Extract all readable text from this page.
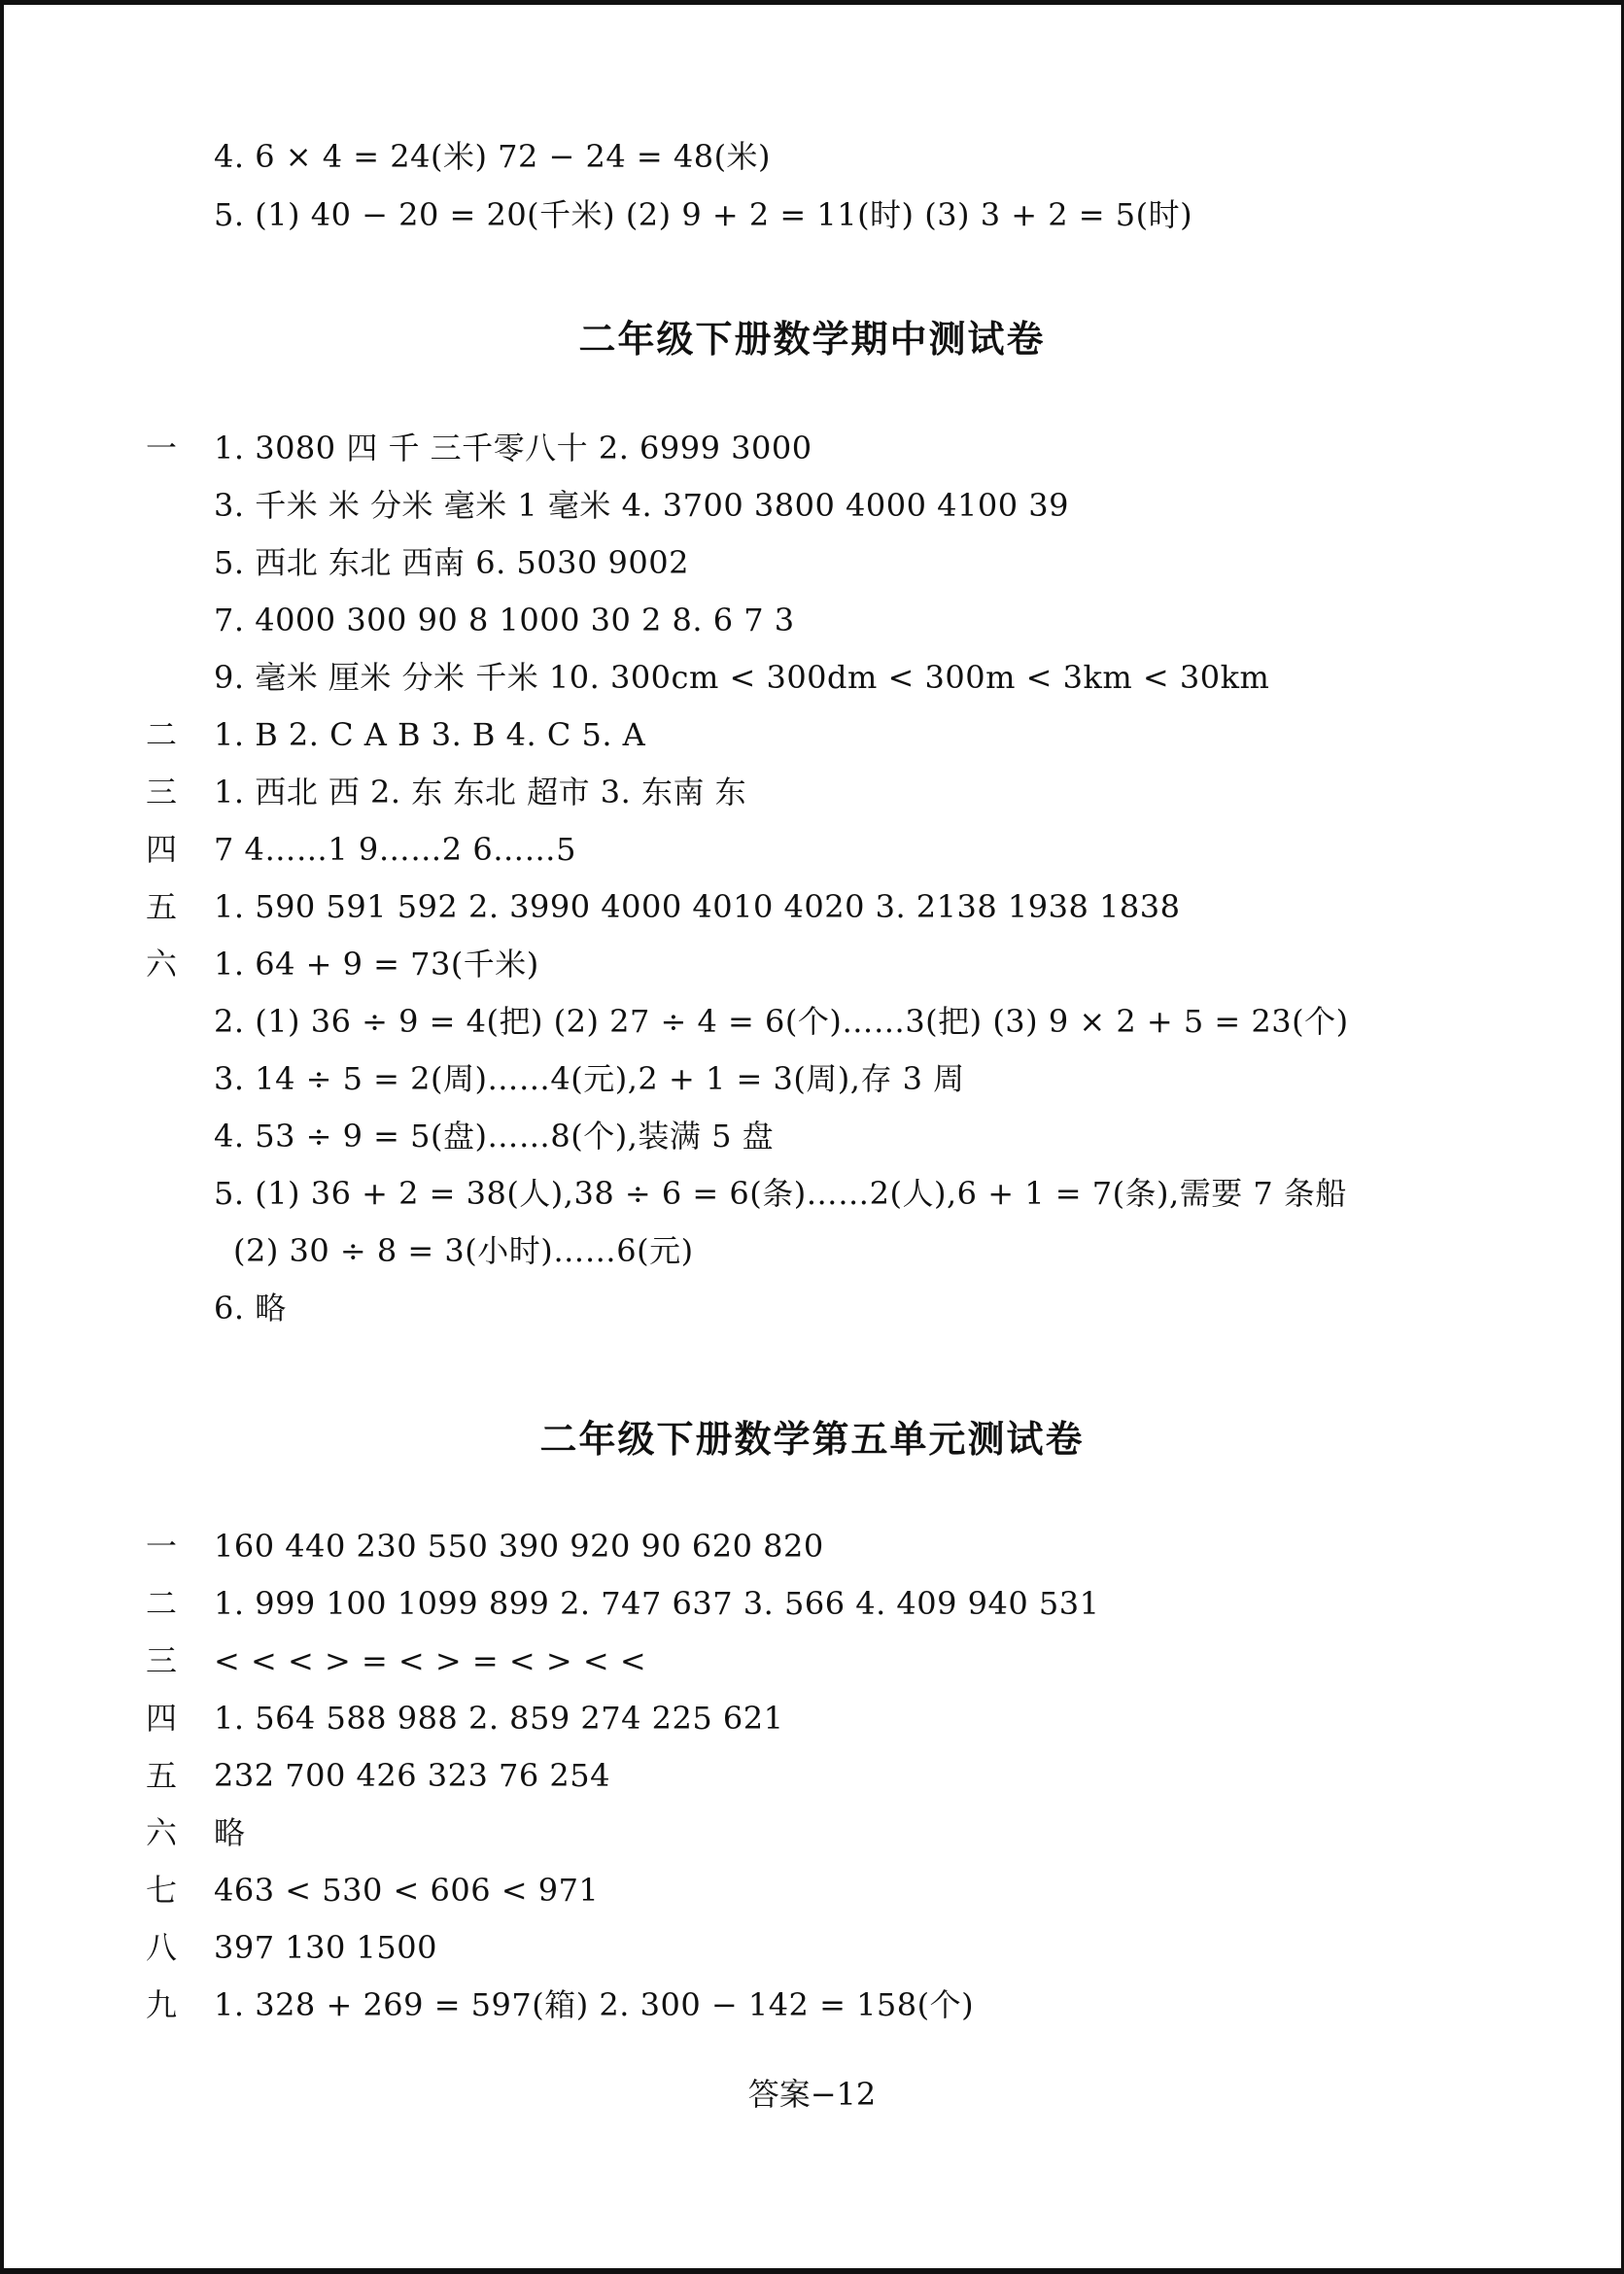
4. 6 × 4 = 24(米) 72 − 24 = 48(米)
5. (1) 40 − 20 = 20(千米) (2) 9 + 2 = 11(时) (3) 3 + 2 = 5(时)
二年级下册数学期中测试卷
一 1. 3080 四 千 三千零八十 2. 6999 3000
3. 千米 米 分米 毫米 1 毫米 4. 3700 3800 4000 4100 39
5. 西北 东北 西南 6. 5030 9002
7. 4000 300 90 8 1000 30 2 8. 6 7 3
9. 毫米 厘米 分米 千米 10. 300cm < 300dm < 300m < 3km < 30km
二 1. B 2. C A B 3. B 4. C 5. A
三 1. 西北 西 2. 东 东北 超市 3. 东南 东
四 7 4……1 9……2 6……5
五 1. 590 591 592 2. 3990 4000 4010 4020 3. 2138 1938 1838
六 1. 64 + 9 = 73(千米)
2. (1) 36 ÷ 9 = 4(把) (2) 27 ÷ 4 = 6(个)……3(把) (3) 9 × 2 + 5 = 23(个)
3. 14 ÷ 5 = 2(周)……4(元),2 + 1 = 3(周),存 3 周
4. 53 ÷ 9 = 5(盘)……8(个),装满 5 盘
5. (1) 36 + 2 = 38(人),38 ÷ 6 = 6(条)……2(人),6 + 1 = 7(条),需要 7 条船
(2) 30 ÷ 8 = 3(小时)……6(元)
6. 略
二年级下册数学第五单元测试卷
一 160 440 230 550 390 920 90 620 820
二 1. 999 100 1099 899 2. 747 637 3. 566 4. 409 940 531
三 < < < > = < > = < > < <
四 1. 564 588 988 2. 859 274 225 621
五 232 700 426 323 76 254
六 略
七 463 < 530 < 606 < 971
八 397 130 1500
九 1. 328 + 269 = 597(箱) 2. 300 − 142 = 158(个)
答案−12
